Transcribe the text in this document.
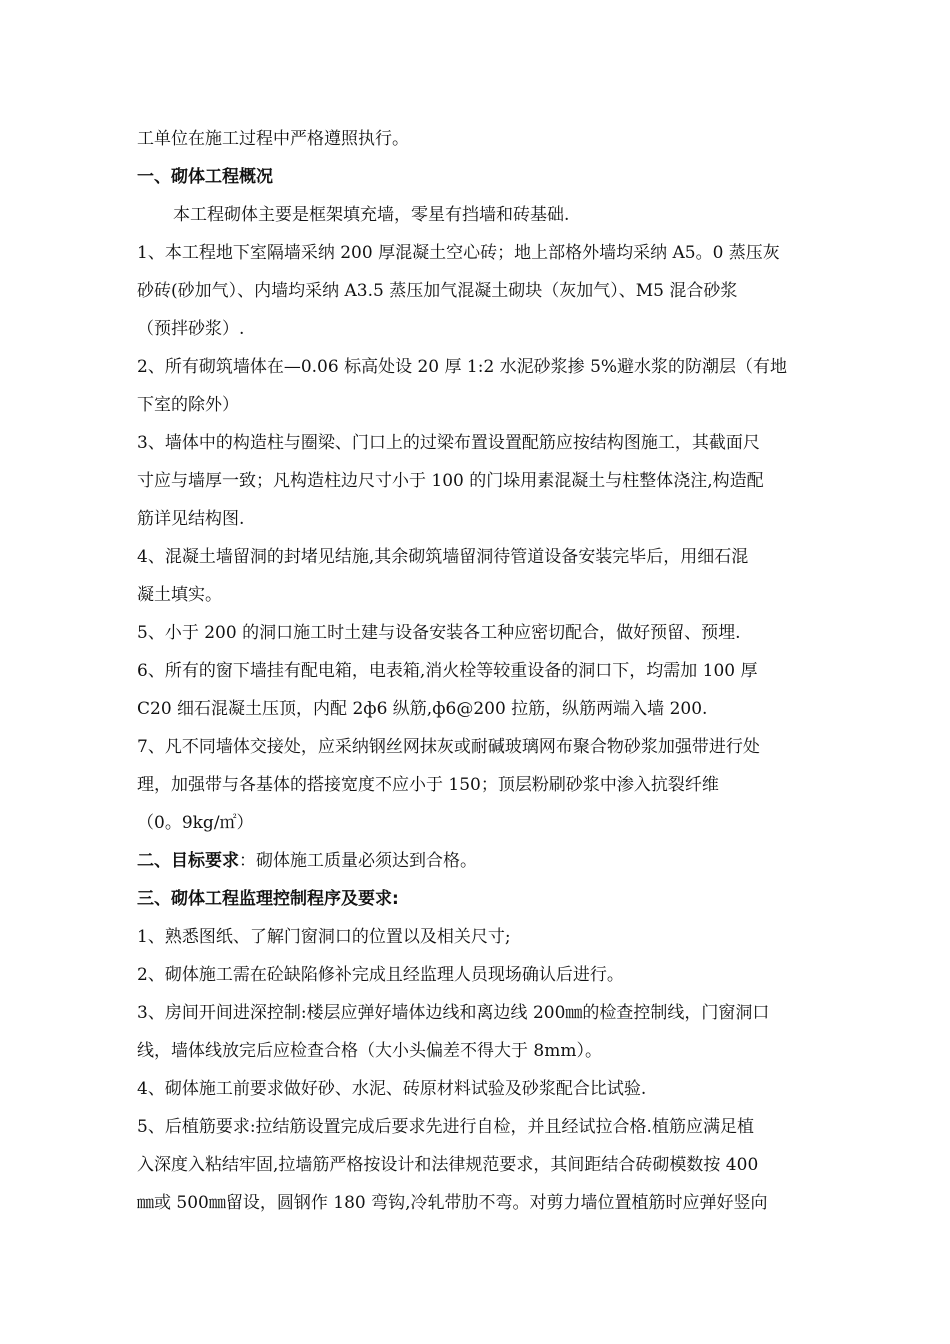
工单位在施工过程中严格遵照执行。
一、砌体工程概况
本工程砌体主要是框架填充墙，零星有挡墙和砖基础.
1、本工程地下室隔墙采纳 200 厚混凝土空心砖；地上部格外墙均采纳 A5。0 蒸压灰
砂砖(砂加气）、内墙均采纳 A3.5 蒸压加气混凝土砌块（灰加气）、M5 混合砂浆
（预拌砂浆）.
2、所有砌筑墙体在—0.06 标高处设 20 厚 1:2 水泥砂浆掺 5%避水浆的防潮层（有地
下室的除外）
3、墙体中的构造柱与圈梁、门口上的过梁布置设置配筋应按结构图施工，其截面尺
寸应与墙厚一致；凡构造柱边尺寸小于 100 的门垛用素混凝土与柱整体浇注,构造配
筋详见结构图.
4、混凝土墙留洞的封堵见结施,其余砌筑墙留洞待管道设备安装完毕后，用细石混
凝土填实。
5、小于 200 的洞口施工时土建与设备安装各工种应密切配合，做好预留、预埋.
6、所有的窗下墙挂有配电箱，电表箱,消火栓等较重设备的洞口下，均需加 100 厚
C20 细石混凝土压顶，内配 2ф6 纵筋,ф6@200 拉筋，纵筋两端入墙 200.
7、凡不同墙体交接处，应采纳钢丝网抹灰或耐碱玻璃网布聚合物砂浆加强带进行处
理，加强带与各基体的搭接宽度不应小于 150；顶层粉刷砂浆中渗入抗裂纤维
（0。9kg/㎡）
二、目标要求：砌体施工质量必须达到合格。
三、砌体工程监理控制程序及要求:
1、熟悉图纸、了解门窗洞口的位置以及相关尺寸;
2、砌体施工需在砼缺陷修补完成且经监理人员现场确认后进行。
3、房间开间进深控制:楼层应弹好墙体边线和离边线 200㎜的检查控制线，门窗洞口
线，墙体线放完后应检查合格（大小头偏差不得大于 8mm）。
4、砌体施工前要求做好砂、水泥、砖原材料试验及砂浆配合比试验.
5、后植筋要求:拉结筋设置完成后要求先进行自检，并且经试拉合格.植筋应满足植
入深度入粘结牢固,拉墙筋严格按设计和法律规范要求，其间距结合砖砌模数按 400
㎜或 500㎜留设，圆钢作 180 弯钩,冷轧带肋不弯。对剪力墙位置植筋时应弹好竖向
